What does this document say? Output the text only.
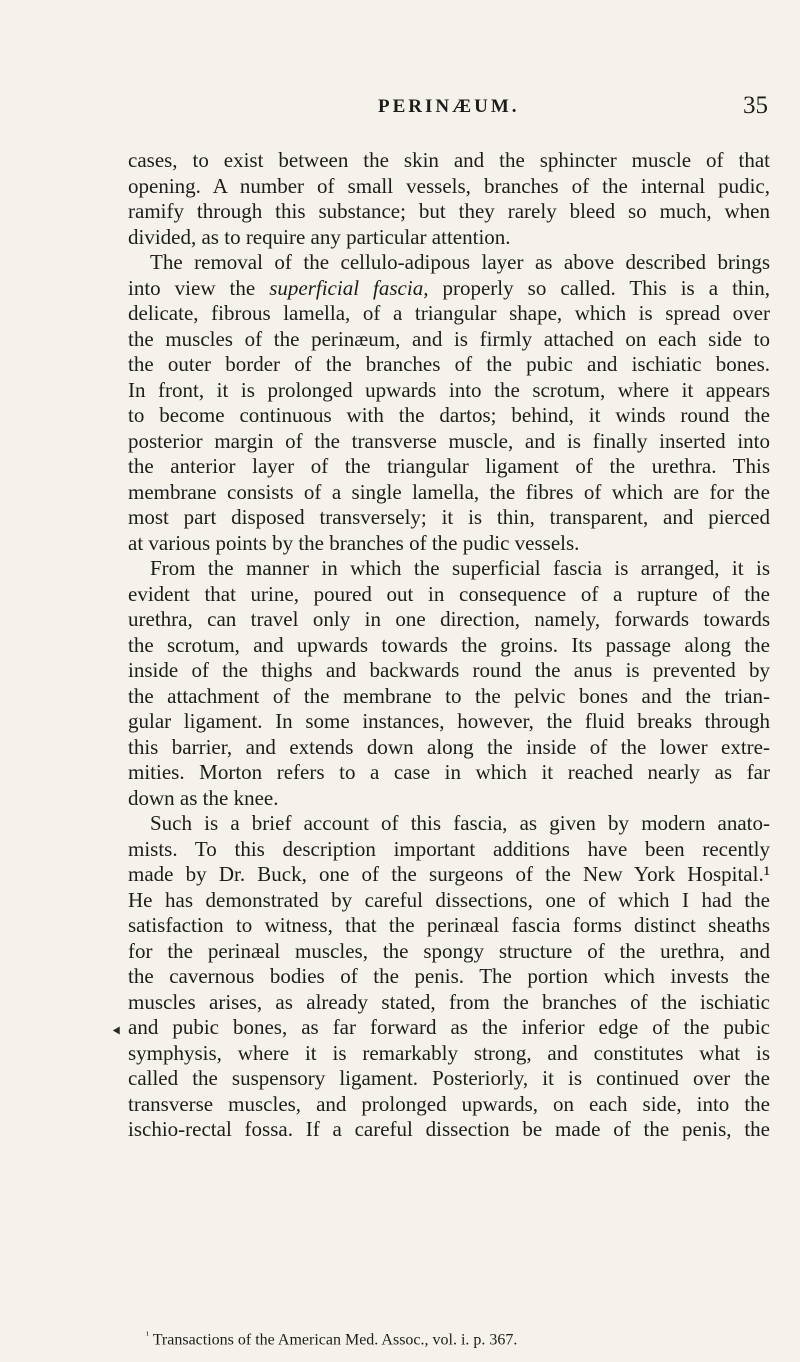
PERINÆUM.	35
cases, to exist between the skin and the sphincter muscle of that
opening. A number of small vessels, branches of the internal pudic,
ramify through this substance; but they rarely bleed so much, when
divided, as to require any particular attention.
The removal of the cellulo-adipous layer as above described brings
into view the superficial fascia, properly so called. This is a thin,
delicate, fibrous lamella, of a triangular shape, which is spread over
the muscles of the perinæum, and is firmly attached on each side to
the outer border of the branches of the pubic and ischiatic bones.
In front, it is prolonged upwards into the scrotum, where it appears
to become continuous with the dartos; behind, it winds round the
posterior margin of the transverse muscle, and is finally inserted into
the anterior layer of the triangular ligament of the urethra. This
membrane consists of a single lamella, the fibres of which are for the
most part disposed transversely; it is thin, transparent, and pierced
at various points by the branches of the pudic vessels.
From the manner in which the superficial fascia is arranged, it is
evident that urine, poured out in consequence of a rupture of the
urethra, can travel only in one direction, namely, forwards towards
the scrotum, and upwards towards the groins. Its passage along the
inside of the thighs and backwards round the anus is prevented by
the attachment of the membrane to the pelvic bones and the trian-
gular ligament. In some instances, however, the fluid breaks through
this barrier, and extends down along the inside of the lower extre-
mities. Morton refers to a case in which it reached nearly as far
down as the knee.
Such is a brief account of this fascia, as given by modern anato-
mists. To this description important additions have been recently
made by Dr. Buck, one of the surgeons of the New York Hospital.¹
He has demonstrated by careful dissections, one of which I had the
satisfaction to witness, that the perinæal fascia forms distinct sheaths
for the perinæal muscles, the spongy structure of the urethra, and
the cavernous bodies of the penis. The portion which invests the
muscles arises, as already stated, from the branches of the ischiatic
and pubic bones, as far forward as the inferior edge of the pubic
symphysis, where it is remarkably strong, and constitutes what is
called the suspensory ligament. Posteriorly, it is continued over the
transverse muscles, and prolonged upwards, on each side, into the
ischio-rectal fossa. If a careful dissection be made of the penis, the
$^{^1}$ Transactions of the American Med. Assoc., vol. i. p. 367.
